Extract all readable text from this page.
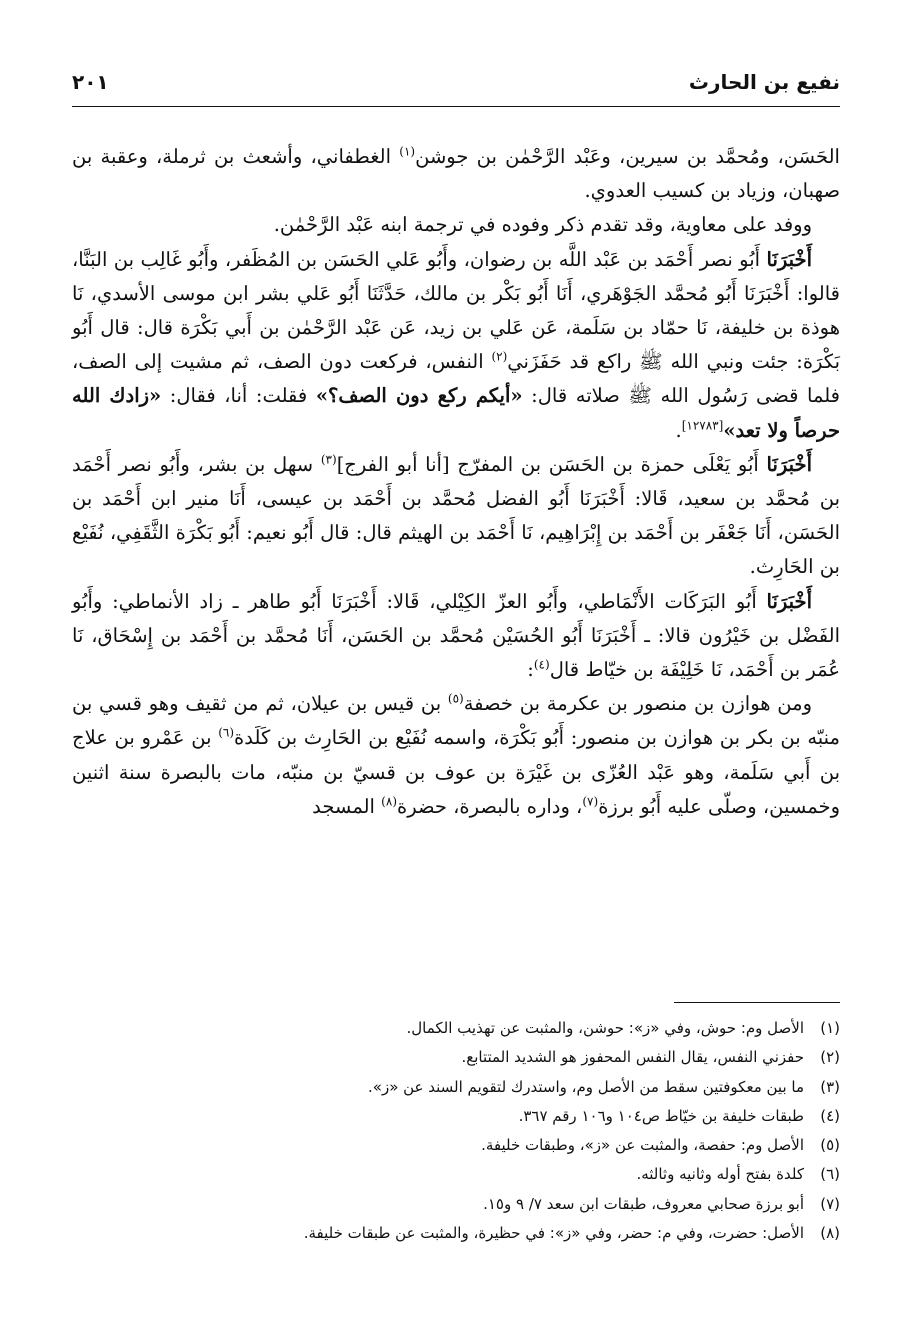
نفيع بن الحارث
٢٠١

الحَسَن، ومُحمَّد بن سيرين، وعَبْد الرَّحْمٰن بن جوشن$^{(١)}$ الغطفاني، وأشعث بن ثرملة، وعقبة بن صهبان، وزياد بن كسيب العدوي.

ووفد على معاوية، وقد تقدم ذكر وفوده في ترجمة ابنه عَبْد الرَّحْمٰن.

أَخْبَرَنَا أَبُو نصر أَحْمَد بن عَبْد اللَّه بن رضوان، وأَبُو عَلي الحَسَن بن المُظَفر، وأَبُو غَالِب بن البَنَّا، قالوا: أَخْبَرَنَا أَبُو مُحمَّد الجَوْهَري، أَنَا أَبُو بَكْر بن مالك، حَدَّثَنَا أَبُو عَلي بشر ابن موسى الأسدي، نَا هوذة بن خليفة، نَا حمّاد بن سَلَمة، عَن عَلي بن زيد، عَن عَبْد الرَّحْمٰن بن أَبي بَكْرَة قال: قال أَبُو بَكْرَة: جئت ونبي الله ﷺ راكع قد حَفَزَني$^{(٢)}$ النفس، فركعت دون الصف، ثم مشيت إلى الصف، فلما قضى رَسُول الله ﷺ صلاته قال: «أيكم ركع دون الصف؟» فقلت: أنا، فقال: «زادك الله حرصاً ولا تعد»[١٢٧٨٣].

أَخْبَرَنَا أَبُو يَعْلَى حمزة بن الحَسَن بن المفرّج [أنا أبو الفرج]$^{(٣)}$ سهل بن بشر، وأَبُو نصر أَحْمَد بن مُحمَّد بن سعيد، قَالا: أَخْبَرَنَا أَبُو الفضل مُحمَّد بن أَحْمَد بن عيسى، أَنَا منير ابن أَحْمَد بن الحَسَن، أَنَا جَعْفَر بن أَحْمَد بن إِبْرَاهِيم، نَا أَحْمَد بن الهيثم قال: قال أَبُو نعيم: أَبُو بَكْرَة الثَّقَفِي، نُفَيْع بن الحَارِث.

أَخْبَرَنَا أَبُو البَرَكَات الأَنْمَاطي، وأَبُو العزّ الكِيْلي، قَالا: أَخْبَرَنَا أَبُو طاهر ـ زاد الأنماطي: وأَبُو الفَضْل بن خَيْرُون قالا: ـ أَخْبَرَنَا أَبُو الحُسَيْن مُحمَّد بن الحَسَن، أَنَا مُحمَّد بن أَحْمَد بن إِسْحَاق، نَا عُمَر بن أَحْمَد، نَا خَلِيْفَة بن خيّاط قال$^{(٤)}$:

ومن هوازن بن منصور بن عكرمة بن خصفة$^{(٥)}$ بن قيس بن عيلان، ثم من ثقيف وهو قسي بن منبّه بن بكر بن هوازن بن منصور: أَبُو بَكْرَة، واسمه نُفَيْع بن الحَارِث بن كَلَدة$^{(٦)}$ بن عَمْرو بن علاج بن أَبي سَلَمة، وهو عَبْد العُزّى بن غَيْرَة بن عوف بن قسيّ بن منبّه، مات بالبصرة سنة اثنين وخمسين، وصلّى عليه أَبُو برزة$^{(٧)}$، وداره بالبصرة، حضرة$^{(٨)}$ المسجد

(١)
الأصل وم: حوش، وفي «ز»: حوشن، والمثبت عن تهذيب الكمال.
(٢)
حفزني النفس، يقال النفس المحفوز هو الشديد المتتابع.
(٣)
ما بين معكوفتين سقط من الأصل وم، واستدرك لتقويم السند عن «ز».
(٤)
طبقات خليفة بن خيّاط ص١٠٤ و١٠٦ رقم ٣٦٧.
(٥)
الأصل وم: حفصة، والمثبت عن «ز»، وطبقات خليفة.
(٦)
كلدة بفتح أوله وثانيه وثالثه.
(٧)
أبو برزة صحابي معروف، طبقات ابن سعد ٧/ ٩ و١٥.
(٨)
الأصل: حضرت، وفي م: حضر، وفي «ز»: في حظيرة، والمثبت عن طبقات خليفة.
